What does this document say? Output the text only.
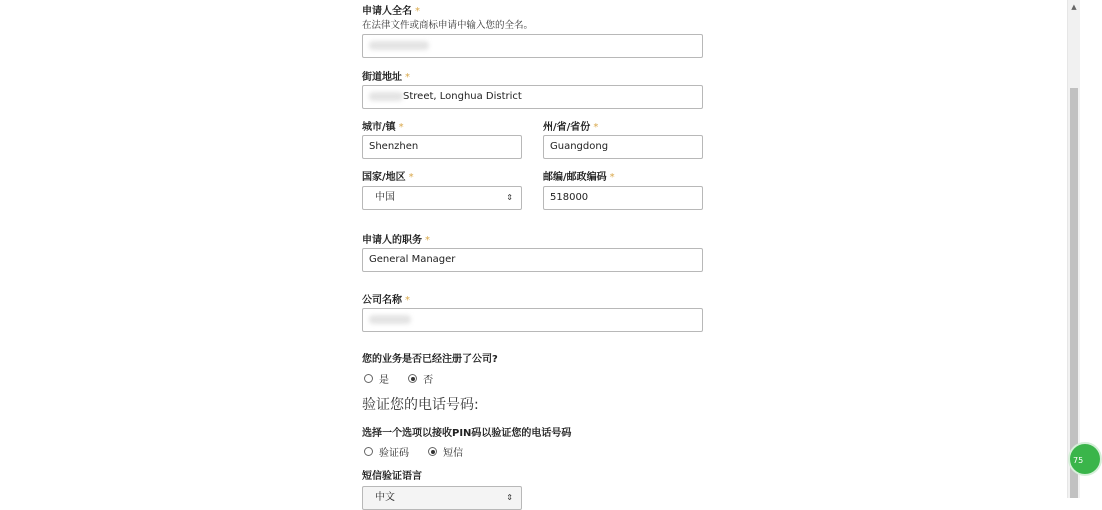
申请人全名 *
在法律文件或商标申请中输入您的全名。
街道地址 *
Street, Longhua District
城市/镇 *	州/省/省份 *
Shenzhen	Guangdong
国家/地区 *	邮编/邮政编码 *
中国	⇕	518000
申请人的职务 *
General Manager
公司名称 *
您的业务是否已经注册了公司?
是	否
验证您的电话号码:
选择一个选项以接收PIN码以验证您的电话号码
验证码	短信
短信验证语言
中文	⇕
▲
75
